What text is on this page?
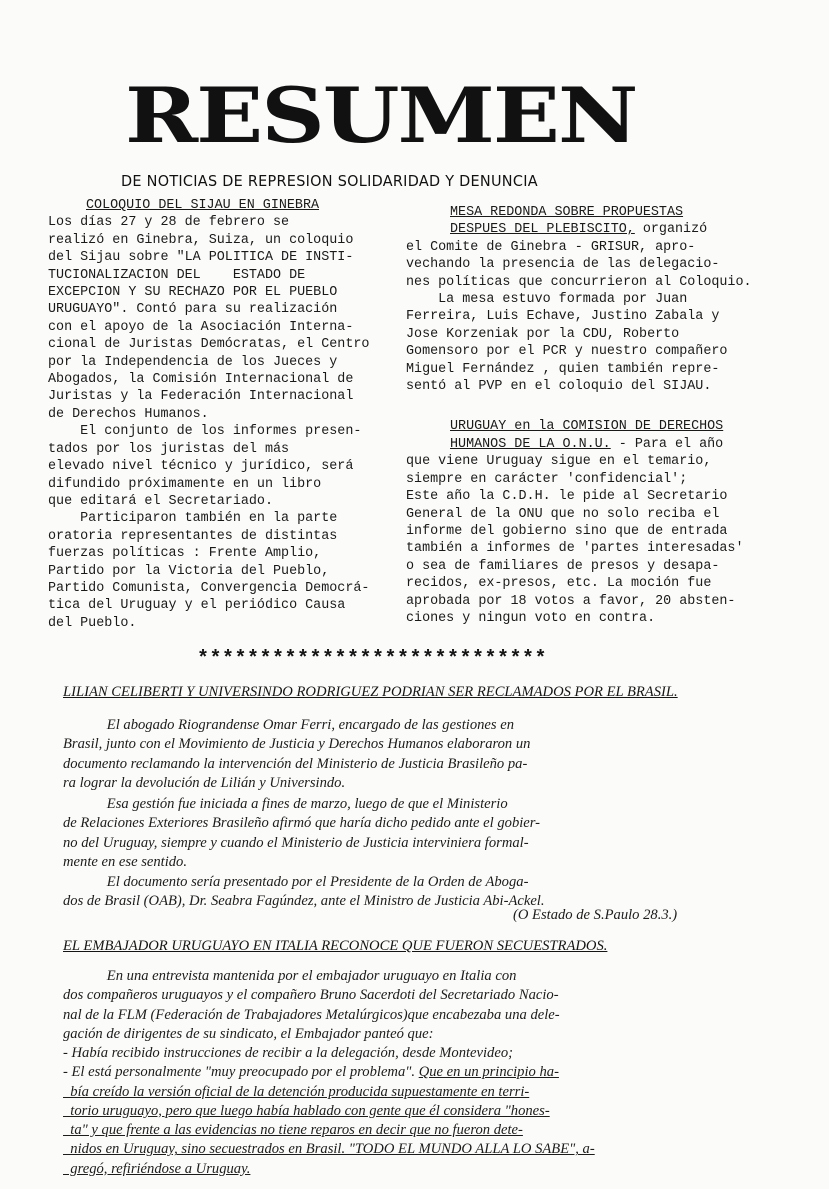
RESUMEN
DE NOTICIAS DE REPRESION SOLIDARIDAD Y DENUNCIA
COLOQUIO DEL SIJAU EN GINEBRA
Los días 27 y 28 de febrero se
realizó en Ginebra, Suiza, un coloquio
del Sijau sobre "LA POLITICA DE INSTI-
TUCIONALIZACION DEL    ESTADO DE
EXCEPCION Y SU RECHAZO POR EL PUEBLO
URUGUAYO". Contó para su realización
con el apoyo de la Asociación Interna-
cional de Juristas Demócratas, el Centro
por la Independencia de los Jueces y
Abogados, la Comisión Internacional de
Juristas y la Federación Internacional
de Derechos Humanos.
El conjunto de los informes presen-
tados por los juristas del más
elevado nivel técnico y jurídico, será
difundido próximamente en un libro
que editará el Secretariado.
Participaron también en la parte
oratoria representantes de distintas
fuerzas políticas : Frente Amplio,
Partido por la Victoria del Pueblo,
Partido Comunista, Convergencia Democrá-
tica del Uruguay y el periódico Causa
del Pueblo.
MESA REDONDA SOBRE PROPUESTAS
DESPUES DEL PLEBISCITO, organizó
el Comite de Ginebra - GRISUR, apro-
vechando la presencia de las delegacio-
nes políticas que concurrieron al Coloquio.
La mesa estuvo formada por Juan
Ferreira, Luis Echave, Justino Zabala y
Jose Korzeniak por la CDU, Roberto
Gomensoro por el PCR y nuestro compañero
Miguel Fernández , quien también repre-
sentó al PVP en el coloquio del SIJAU.
URUGUAY en la COMISION DE DERECHOS
HUMANOS DE LA O.N.U. - Para el año
que viene Uruguay sigue en el temario,
siempre en carácter 'confidencial';
Este año la C.D.H. le pide al Secretario
General de la ONU que no solo reciba el
informe del gobierno sino que de entrada
también a informes de 'partes interesadas'
o sea de familiares de presos y desapa-
recidos, ex-presos, etc. La moción fue
aprobada por 18 votos a favor, 20 absten-
ciones y ningun voto en contra.
****************************
LILIAN CELIBERTI Y UNIVERSINDO RODRIGUEZ PODRIAN SER RECLAMADOS POR EL BRASIL.
El abogado Riograndense Omar Ferri, encargado de las gestiones en
Brasil, junto con el Movimiento de Justicia y Derechos Humanos elaboraron un
documento reclamando la intervención del Ministerio de Justicia Brasileño pa-
ra lograr la devolución de Lilián y Universindo.
Esa gestión fue iniciada a fines de marzo, luego de que el Ministerio
de Relaciones Exteriores Brasileño afirmó que haría dicho pedido ante el gobier-
no del Uruguay, siempre y cuando el Ministerio de Justicia interviniera formal-
mente en ese sentido.
El documento sería presentado por el Presidente de la Orden de Aboga-
dos de Brasil (OAB), Dr. Seabra Fagúndez, ante el Ministro de Justicia Abi-Ackel.
(O Estado de S.Paulo 28.3.)
EL EMBAJADOR URUGUAYO EN ITALIA RECONOCE QUE FUERON SECUESTRADOS.
En una entrevista mantenida por el embajador uruguayo en Italia con
dos compañeros uruguayos y el compañero Bruno Sacerdoti del Secretariado Nacio-
nal de la FLM (Federación de Trabajadores Metalúrgicos)que encabezaba una dele-
gación de dirigentes de su sindicato, el Embajador panteó que:
- Había recibido instrucciones de recibir a la delegación, desde Montevideo;
- El está personalmente "muy preocupado por el problema". Que en un principio ha-
bía creído la versión oficial de la detención producida supuestamente en terri-
torio uruguayo, pero que luego había hablado con gente que él considera "hones-
ta" y que frente a las evidencias no tiene reparos en decir que no fueron dete-
nidos en Uruguay, sino secuestrados en Brasil. "TODO EL MUNDO ALLA LO SABE", a-
gregó, refiriéndose a Uruguay.
